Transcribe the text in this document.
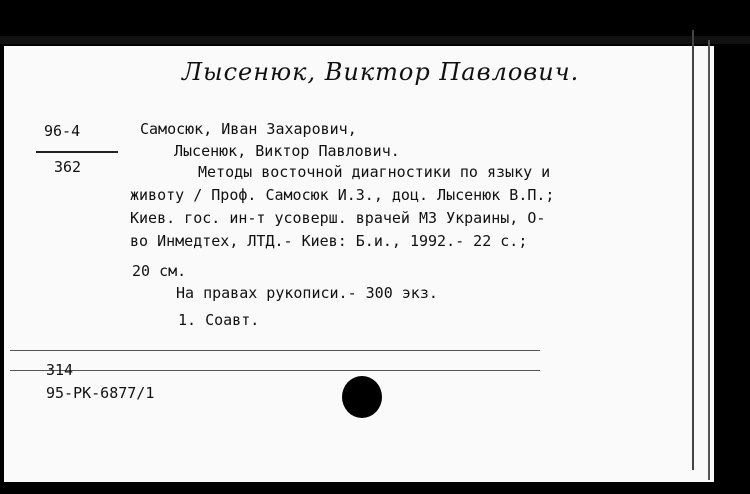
Лысенюк, Виктор Павлович.
96-4
362
Самосюк, Иван Захарович,
Лысенюк, Виктор Павлович.
Методы восточной диагностики по языку и
животу / Проф. Самосюк И.З., доц. Лысенюк В.П.;
Киев. гос. ин-т усоверш. врачей МЗ Украины, О-
во Инмедтех, ЛТД.- Киев: Б.и., 1992.- 22 с.;
20 см.
На правах рукописи.- 300 экз.
1. Соавт.
314
95-РК-6877/1
